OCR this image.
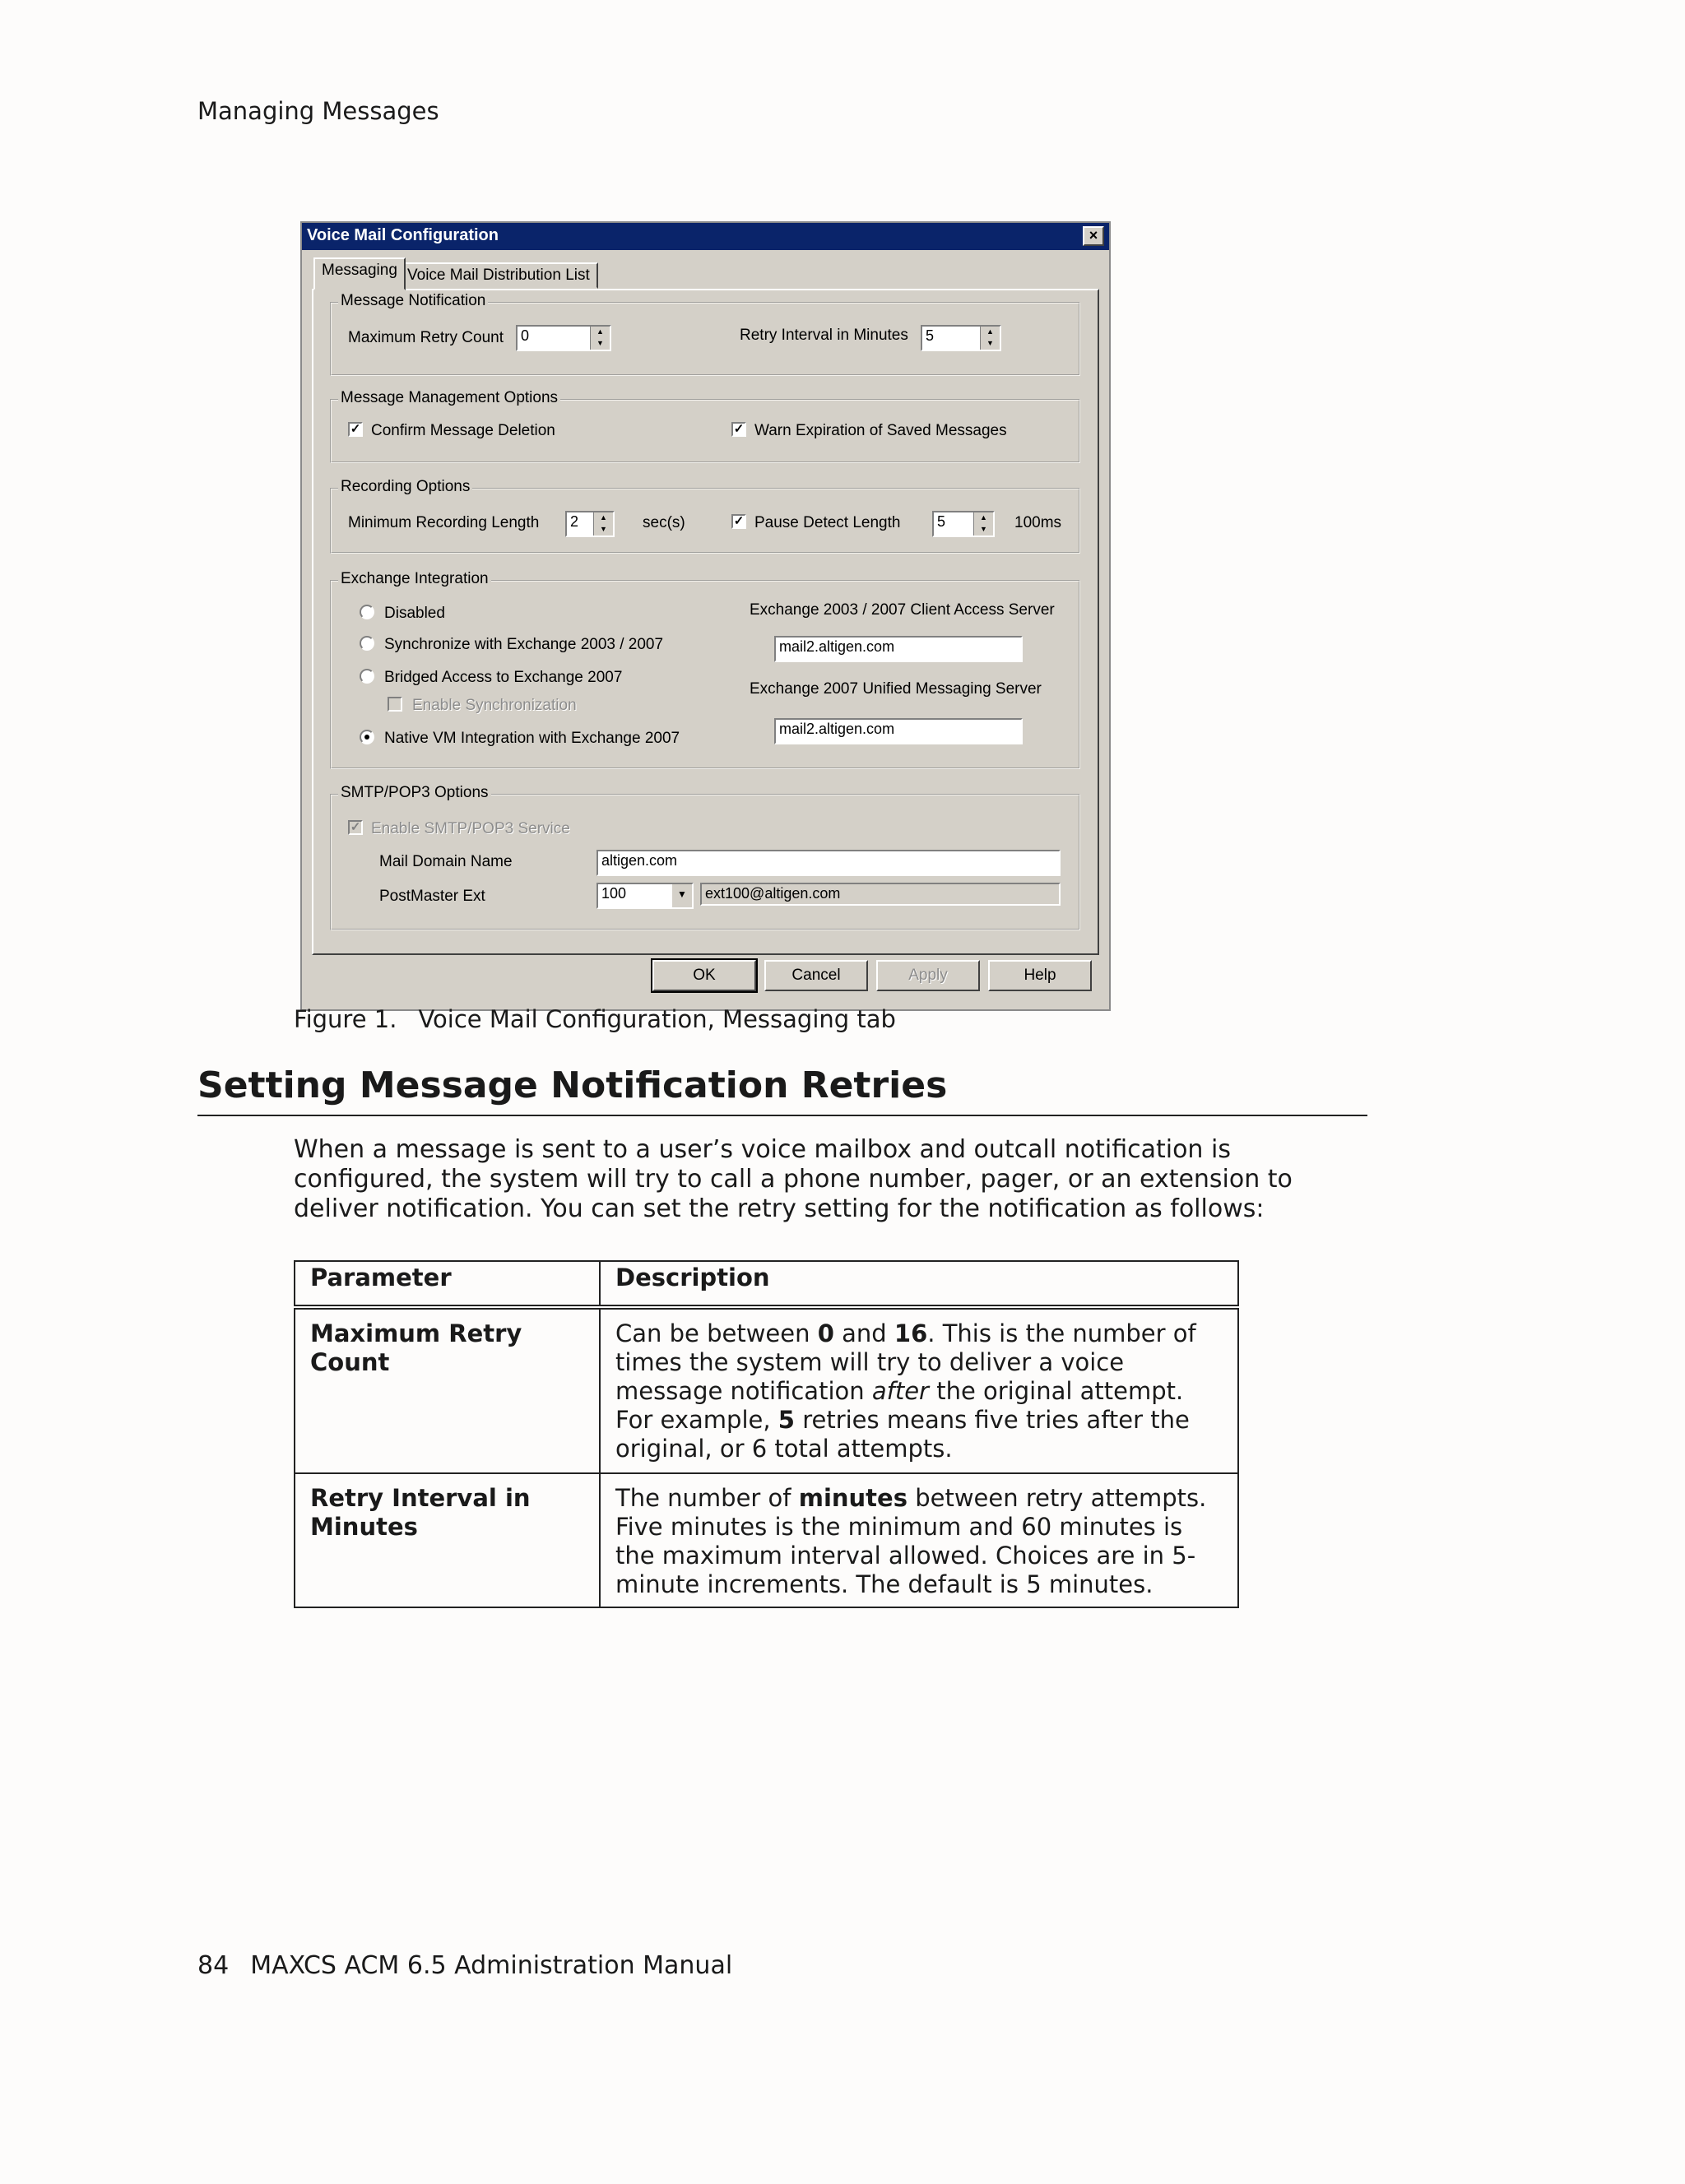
Managing Messages
Voice Mail Configuration	×
Messaging Voice Mail Distribution List
Message Notification
Maximum Retry Count	0	▲
▼	Retry Interval in Minutes	5	▲
▼
Message Management Options
✓ Confirm Message Deletion	✓ Warn Expiration of Saved Messages
Recording Options
Minimum Recording Length	2	▲
▼	sec(s)	✓ Pause Detect Length	5	▲
▼	100ms
Exchange Integration
Disabled
Synchronize with Exchange 2003 / 2007
Bridged Access to Exchange 2007
Enable Synchronization
Native VM Integration with Exchange 2007
Exchange 2003 / 2007 Client Access Server
mail2.altigen.com
Exchange 2007 Unified Messaging Server
mail2.altigen.com
SMTP/POP3 Options
✓ Enable SMTP/POP3 Service
Mail Domain Name	altigen.com
PostMaster Ext	100	▼	ext100@altigen.com
OK	Cancel	Apply	Help
Figure 1. Voice Mail Configuration, Messaging tab
Setting Message Notification Retries
When a message is sent to a user’s voice mailbox and outcall notification is configured, the system will try to call a phone number, pager, or an extension to deliver notification. You can set the retry setting for the notification as follows:
Parameter	Description
Maximum Retry Count	Can be between 0 and 16. This is the number of times the system will try to deliver a voice message notification after the original attempt. For example, 5 retries means five tries after the original, or 6 total attempts.
Retry Interval in Minutes	The number of minutes between retry attempts. Five minutes is the minimum and 60 minutes is the maximum interval allowed. Choices are in 5-minute increments. The default is 5 minutes.
84 MAXCS ACM 6.5 Administration Manual
